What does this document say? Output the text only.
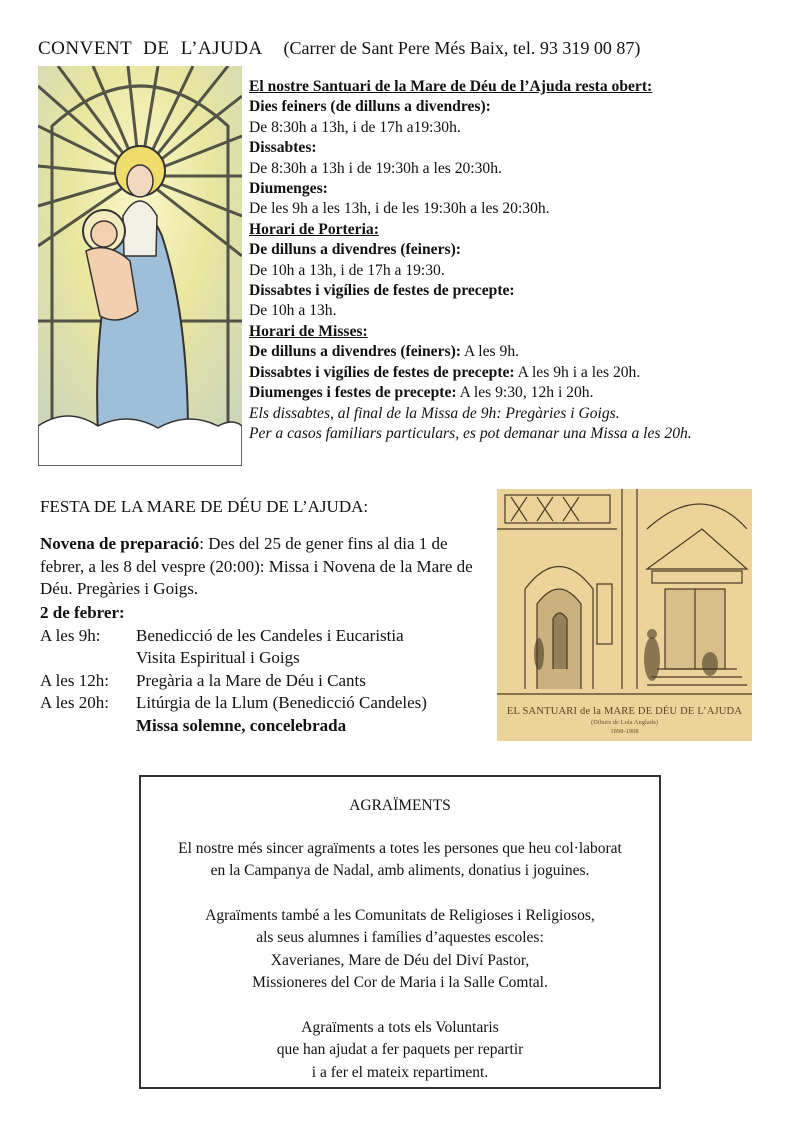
CONVENT DE L’AJUDA (Carrer de Sant Pere Més Baix, tel. 93 319 00 87)
El nostre Santuari de la Mare de Déu de l’Ajuda resta obert:
Dies feiners (de dilluns a divendres):
De 8:30h a 13h, i de 17h a19:30h.
Dissabtes:
De 8:30h a 13h i de 19:30h a les 20:30h.
Diumenges:
De les 9h a les 13h, i de les 19:30h a les 20:30h.
Horari de Porteria:
De dilluns a divendres (feiners):
De 10h a 13h, i de 17h a 19:30.
Dissabtes i vigílies de festes de precepte:
De 10h a 13h.
Horari de Misses:
De dilluns a divendres (feiners): A les 9h.
Dissabtes i vigílies de festes de precepte: A les 9h i a les 20h.
Diumenges i festes de precepte: A les 9:30, 12h i 20h.
Els dissabtes, al final de la Missa de 9h: Pregàries i Goigs.
Per a casos familiars particulars, es pot demanar una Missa a les 20h.
FESTA DE LA MARE DE DÉU DE L’AJUDA:
Novena de preparació: Des del 25 de gener fins al dia 1 de febrer, a les 8 del vespre (20:00): Missa i Novena de la Mare de Déu. Pregàries i Goigs.
2 de febrer:
A les 9h:	Benedicció de les Candeles i Eucaristia
Visita Espiritual i Goigs
A les 12h:	Pregària a la Mare de Déu i Cants
A les 20h:	Litúrgia de la Llum (Benedicció Candeles)
Missa solemne, concelebrada
EL SANTUARI de la MARE DE DÉU DE L’AJUDA
(Dibuix de Lola Anglada)
1898-1908

AGRAÏMENTS

El nostre més sincer agraïments a totes les persones que heu col·laborat

en la Campanya de Nadal, amb aliments, donatius i joguines.

Agraïments també a les Comunitats de Religioses i Religiosos,

als seus alumnes i famílies d’aquestes escoles:

Xaverianes, Mare de Déu del Diví Pastor,

Missioneres del Cor de Maria i la Salle Comtal.

Agraïments a tots els Voluntaris

que han ajudat a fer paquets per repartir

i a fer el mateix repartiment.
